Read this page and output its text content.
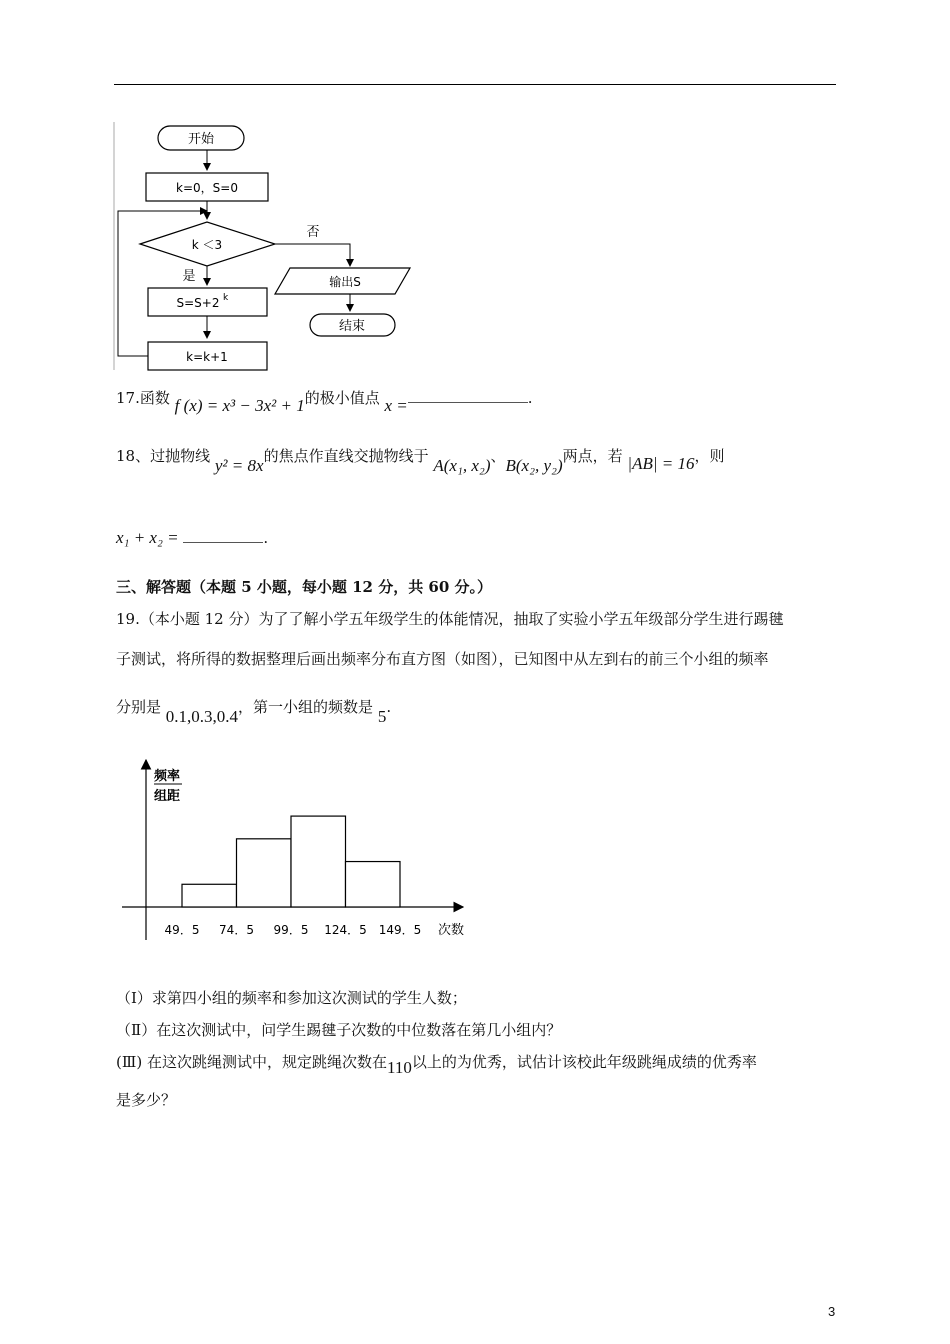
开始
k=0，S=0
k ＜3
否
输出S
结束
是
S=S+2 k
k=k+1
17.函数 f (x) = x³ − 3x² + 1的极小值点 x =	.
18、过抛物线 y² = 8x的焦点作直线交抛物线于 A(x₁, x₂)、B(x₂, y₂)两点，若 |AB| = 16，则
x₁ + x₂ =	.
三、解答题（本题 5 小题，每小题 12 分，共 60 分。）
19.（本小题 12 分）为了了解小学五年级学生的体能情况，抽取了实验小学五年级部分学生进行踢毽
子测试，将所得的数据整理后画出频率分布直方图（如图），已知图中从左到右的前三个小组的频率
分别是 0.1,0.3,0.4，第一小组的频数是 5.
频率
组距
49．5 74．5 99．5 124．5 149．5 次数
（Ⅰ）求第四小组的频率和参加这次测试的学生人数；
（Ⅱ）在这次测试中，问学生踢毽子次数的中位数落在第几小组内？
(Ⅲ) 在这次跳绳测试中，规定跳绳次数在110以上的为优秀，试估计该校此年级跳绳成绩的优秀率
是多少？
3
